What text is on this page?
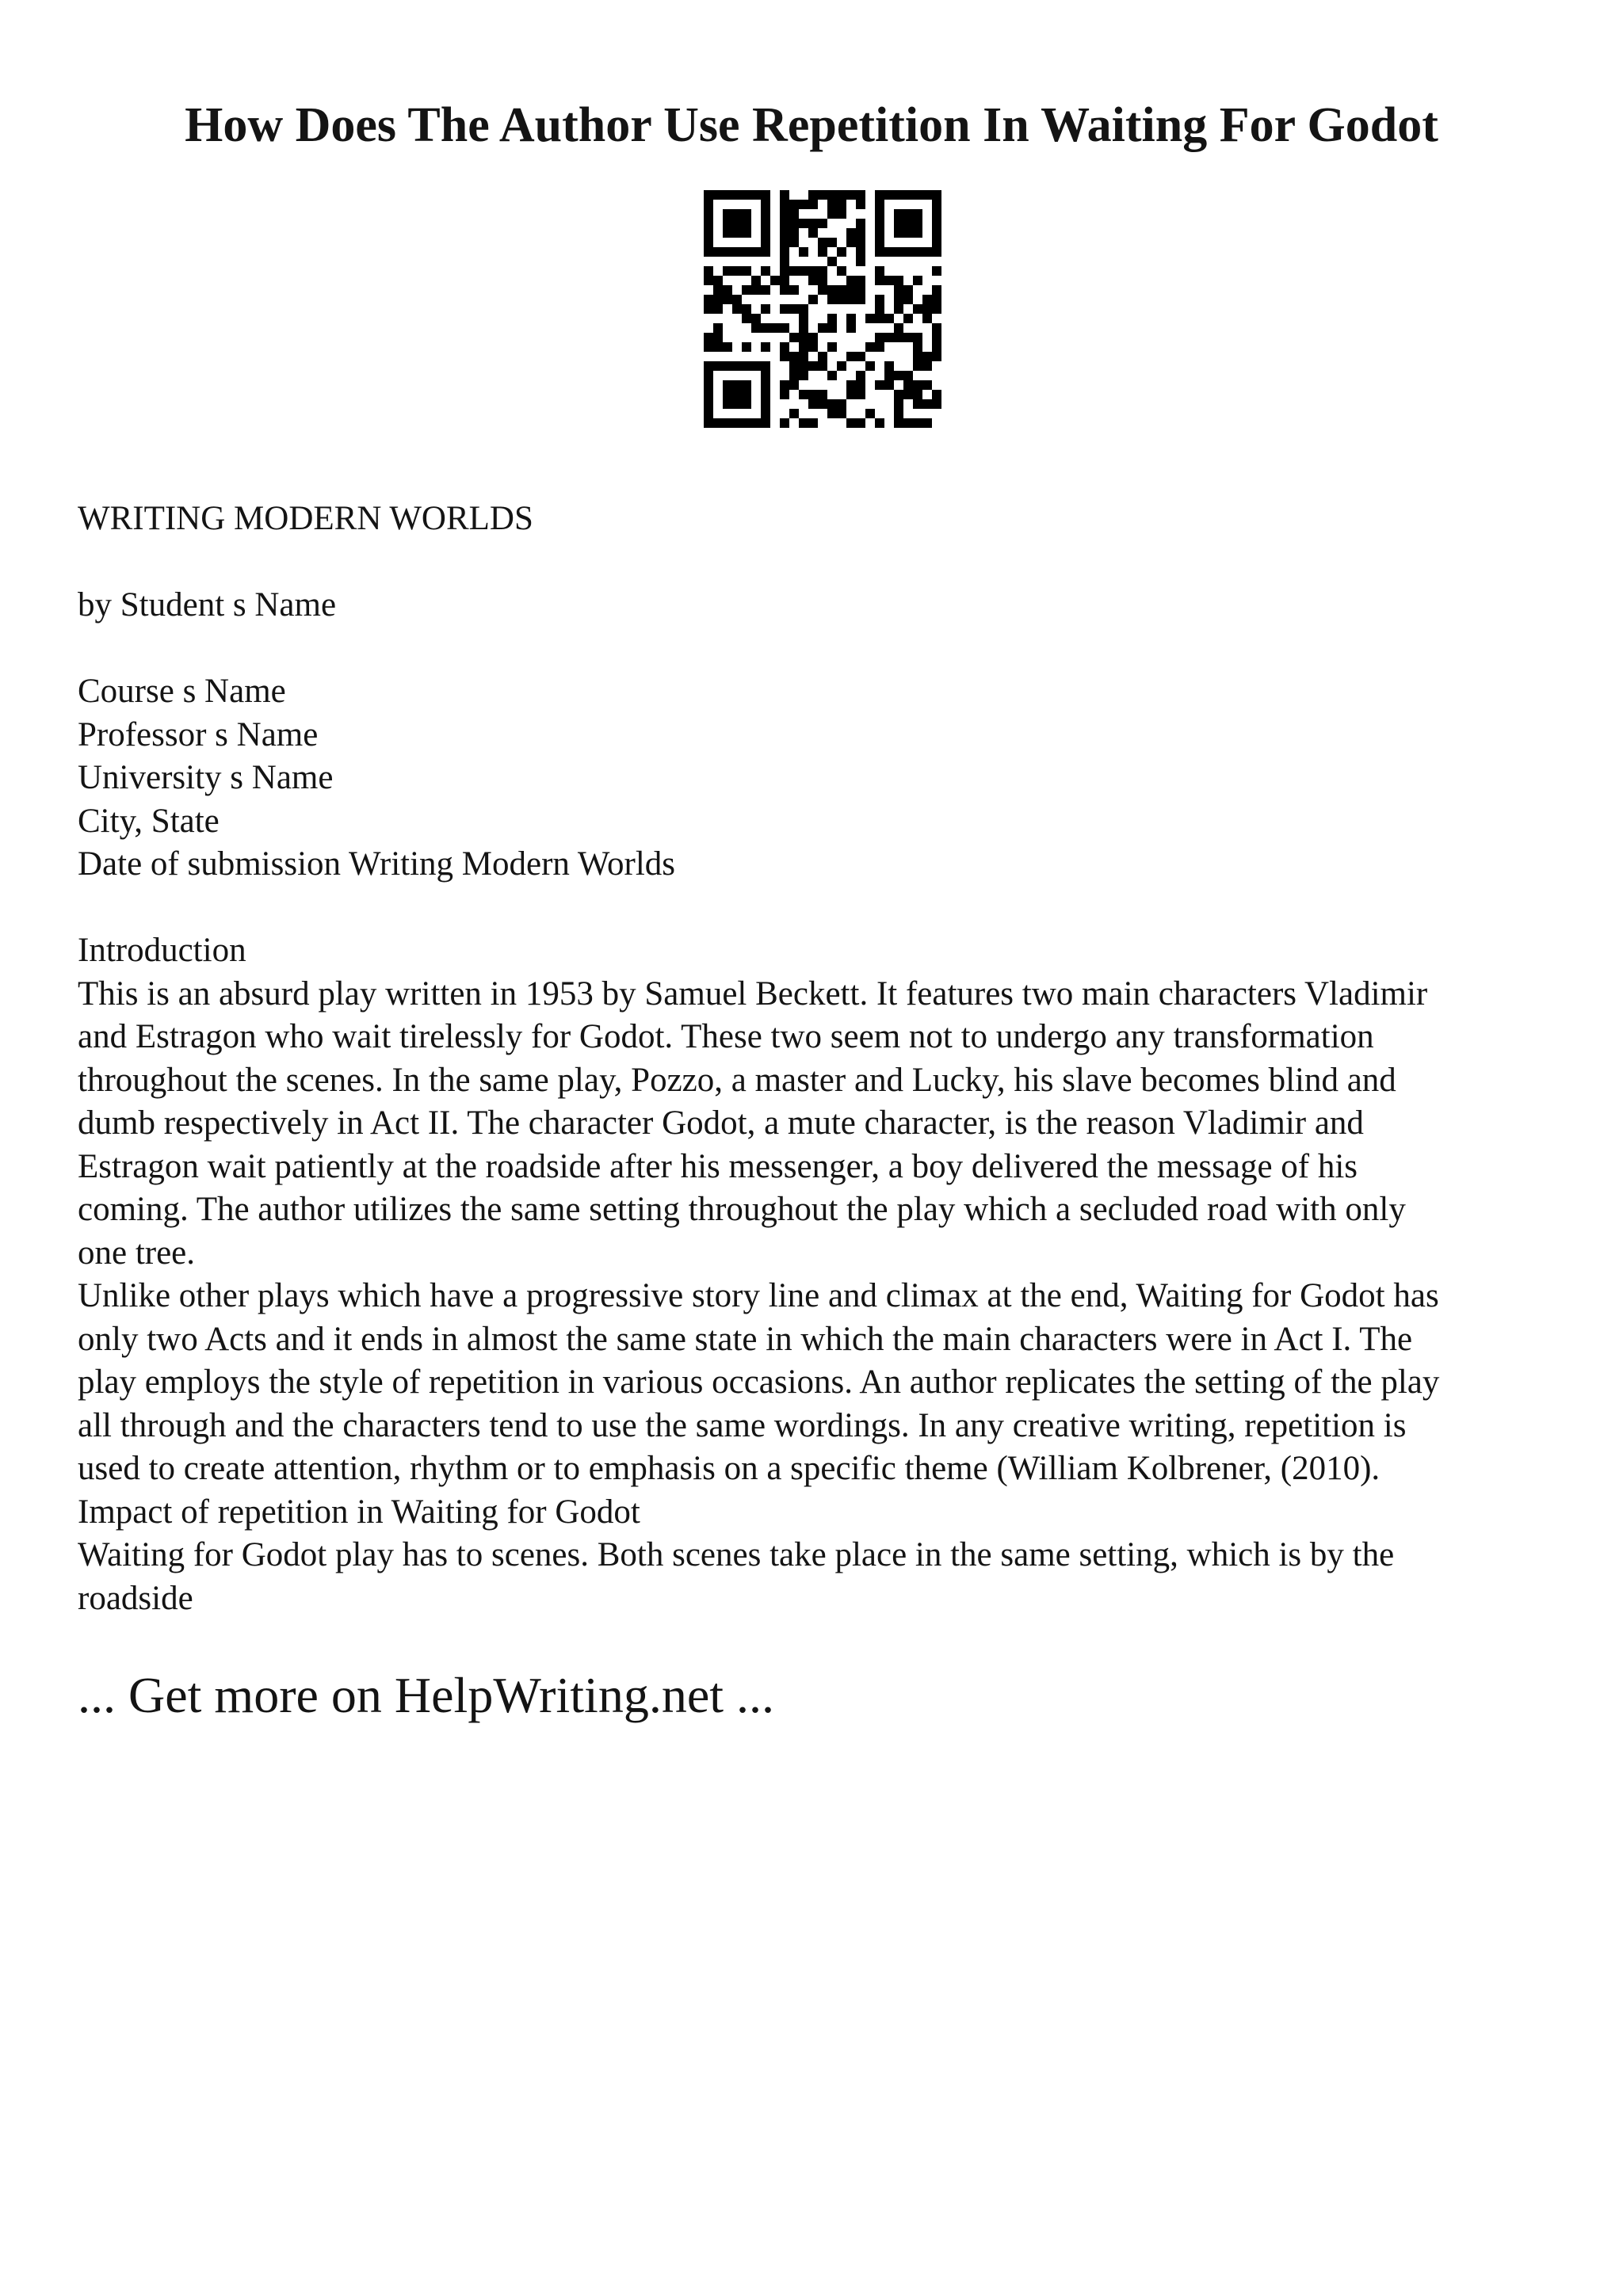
How Does The Author Use Repetition In Waiting For Godot
WRITING MODERN WORLDS
by Student s Name
Course s Name
Professor s Name
University s Name
City, State
Date of submission Writing Modern Worlds
Introduction
This is an absurd play written in 1953 by Samuel Beckett. It features two main characters Vladimir
and Estragon who wait tirelessly for Godot. These two seem not to undergo any transformation
throughout the scenes. In the same play, Pozzo, a master and Lucky, his slave becomes blind and
dumb respectively in Act II. The character Godot, a mute character, is the reason Vladimir and
Estragon wait patiently at the roadside after his messenger, a boy delivered the message of his
coming. The author utilizes the same setting throughout the play which a secluded road with only
one tree.
Unlike other plays which have a progressive story line and climax at the end, Waiting for Godot has
only two Acts and it ends in almost the same state in which the main characters were in Act I. The
play employs the style of repetition in various occasions. An author replicates the setting of the play
all through and the characters tend to use the same wordings. In any creative writing, repetition is
used to create attention, rhythm or to emphasis on a specific theme (William Kolbrener, (2010).
Impact of repetition in Waiting for Godot
Waiting for Godot play has to scenes. Both scenes take place in the same setting, which is by the
roadside
... Get more on HelpWriting.net ...
